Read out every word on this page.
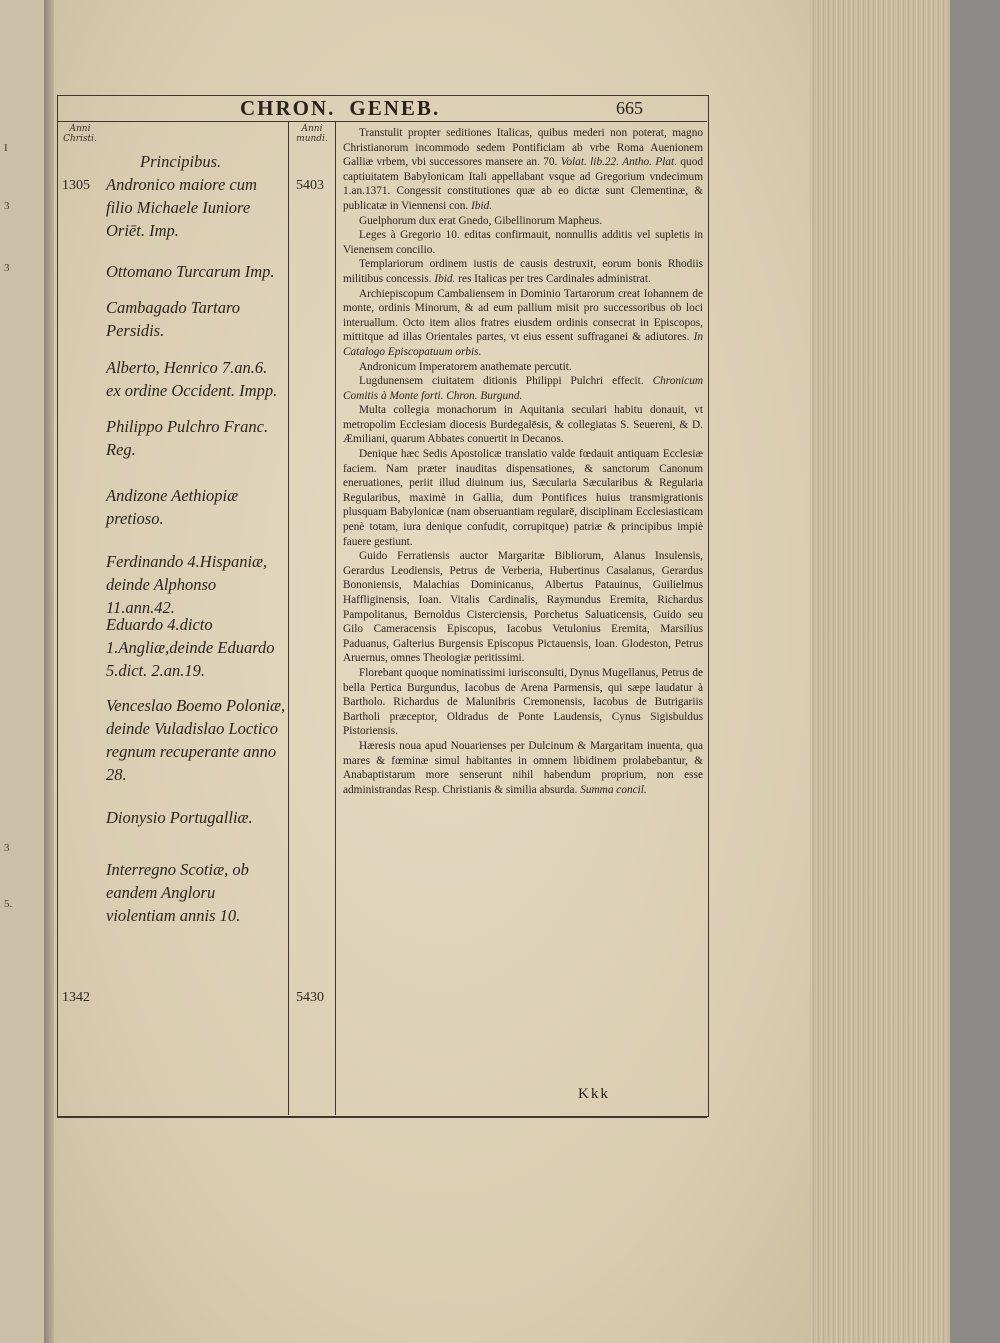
I
3
3
5.
3
CHRON. GENEB.	665
Anni Christi.
Anni mundi.
1305
1342
5403
5430
Principibus.
Andronico maiore cum filio Michaele Iuniore Oriēt. Imp.
Ottomano Turcarum Imp.
Cambagado Tartaro Persidis.
Alberto, Henrico 7.an.6. ex ordine Occident. Impp.
Philippo Pulchro Franc. Reg.
Andizone Aethiopiæ pretioso.
Ferdinando 4.Hispaniæ, deinde Alphonso 11.ann.42.
Eduardo 4.dicto 1.Angliæ,deinde Eduardo 5.dict. 2.an.19.
Venceslao Boemo Poloniæ, deinde Vuladislao Loctico regnum recuperante anno 28.
Dionysio Portugalliæ.
Interregno Scotiæ, ob eandem Angloru violentiam annis 10.

Transtulit propter seditiones Italicas, quibus mederi non poterat, magno Christianorum incommodo sedem Pontificiam ab vrbe Roma Auenionem Galliæ vrbem, vbi successores mansere an. 70. Volat. lib.22. Antho. Plat. quod captiuitatem Babylonicam Itali appellabant vsque ad Gregorium vndecimum 1.an.1371. Congessit constitutiones quæ ab eo dictæ sunt Clementinæ, & publicatæ in Viennensi con. Ibid.

Guelphorum dux erat Gnedo, Gibellinorum Mapheus.

Leges à Gregorio 10. editas confirmauit, nonnullis additis vel supletis in Vienensem concilio.

Templariorum ordinem iustis de causis destruxit, eorum bonis Rhodiis militibus concessis. Ibid. res Italicas per tres Cardinales administrat.

Archiepiscopum Cambaliensem in Dominio Tartarorum creat Iohannem de monte, ordinis Minorum, & ad eum pallium misit pro successoribus ob loci interuallum. Octo item alios fratres eiusdem ordinis consecrat in Episcopos, mittitque ad illas Orientales partes, vt eius essent suffraganei & adiutores. In Catalogo Episcopatuum orbis.

Andronicum Imperatorem anathemate percutit.

Lugdunensem ciuitatem ditionis Philippi Pulchri effecit. Chronicum Comitis à Monte forti. Chron. Burgund.

Multa collegia monachorum in Aquitania seculari habitu donauit, vt metropolim Ecclesiam diocesis Burdegalēsis, & collegiatas S. Seuereni, & D. Æmiliani, quarum Abbates conuertit in Decanos.

Denique hæc Sedis Apostolicæ translatio valde fœdauit antiquam Ecclesiæ faciem. Nam præter inauditas dispensationes, & sanctorum Canonum eneruationes, periit illud diuinum ius, Sæcularia Sæcularibus & Regularia Regularibus, maximè in Gallia, dum Pontifices huius transmigrationis plusquam Babylonicæ (nam obseruantiam regularē, disciplinam Ecclesiasticam penè totam, iura denique confudit, corrupitque) patriæ & principibus impiè fauere gestiunt.

Guido Ferratiensis auctor Margaritæ Bibliorum, Alanus Insulensis, Gerardus Leodiensis, Petrus de Verberia, Hubertinus Casalanus, Gerardus Bononiensis, Malachias Dominicanus, Albertus Patauinus, Guilielmus Haffliginensis, Ioan. Vitalis Cardinalis, Raymundus Eremita, Richardus Pampolitanus, Bernoldus Cisterciensis, Porchetus Saluaticensis, Guido seu Gilo Cameracensis Episcopus, Iacobus Vetulonius Eremita, Marsilius Paduanus, Galterius Burgensis Episcopus Pictauensis, Ioan. Glodeston, Petrus Aruernus, omnes Theologiæ peritissimi.

Florebant quoque nominatissimi iurisconsulti, Dynus Mugellanus, Petrus de bella Pertica Burgundus, Iacobus de Arena Parmensis, qui sæpe laudatur à Bartholo. Richardus de Malunibris Cremonensis, Iacobus de Butrigariis Bartholi præceptor, Oldradus de Ponte Laudensis, Cynus Sigisbuldus Pistoriensis.

Hæresis noua apud Nouarienses per Dulcinum & Margaritam inuenta, qua mares & fœminæ simul habitantes in omnem libidinem prolabebantur, & Anabaptistarum more senserunt nihil habendum proprium, non esse administrandas Resp. Christianis & similia absurda. Summa concil.

Kkk
